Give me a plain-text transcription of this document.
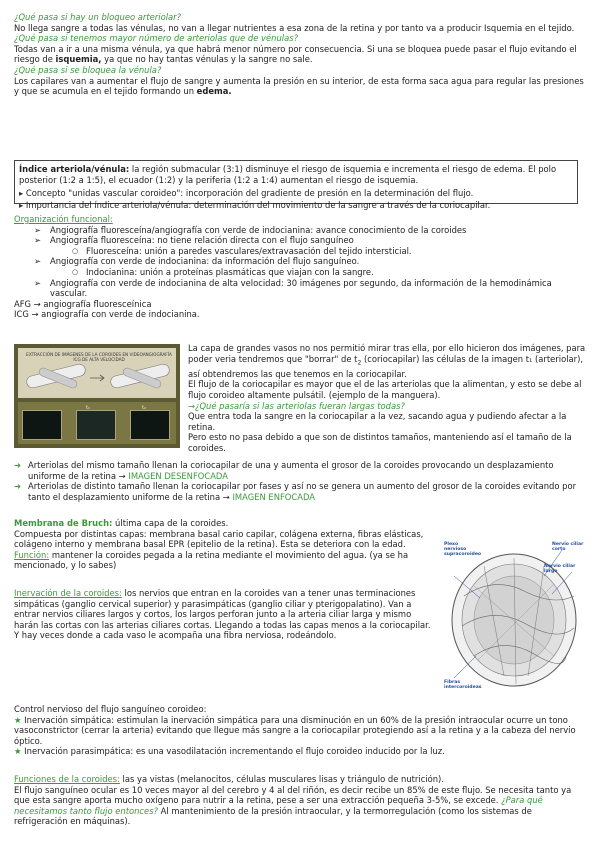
¿Qué pasa si hay un bloqueo arteriolar?

No llega sangre a todas las vénulas, no van a llegar nutrientes a esa zona de la retina y por tanto va a producir Isquemia en el tejido.

¿Qué pasa si tenemos mayor número de arteriolas que de vénulas?

Todas van a ir a una misma vénula, ya que habrá menor número por consecuencia. Si una se bloquea puede pasar el flujo evitando el riesgo de isquemia, ya que no hay tantas vénulas y la sangre no sale.

¿Qué pasa si se bloquea la vénula?

Los capilares van a aumentar el flujo de sangre y aumenta la presión en su interior, de esta forma saca agua para regular las presiones y que se acumula en el tejido formando un edema.

Índice arteriola/vénula: la región submacular (3:1) disminuye el riesgo de isquemia e incrementa el riesgo de edema. El polo posterior (1:2 a 1:5), el ecuador (1:2) y la periferia (1:2 a 1:4) aumentan el riesgo de isquemia.

▸ Concepto "unidas vascular coroideo": incorporación del gradiente de presión en la determinación del flujo.

▸ Importancia del índice arteriola/vénula: determinación del movimiento de la sangre a través de la coriocapilar.

Organización funcional:
➢ Angiografía fluoresceína/angiografía con verde de indocianina: avance conocimiento de la coroides
➢ Angiografía fluoresceína: no tiene relación directa con el flujo sanguíneo
○ Fluoresceína: unión a paredes vasculares/extravasación del tejido intersticial.
➢ Angiografía con verde de indocianina: da información del flujo sanguíneo.
○ Indocianina: unión a proteínas plasmáticas que viajan con la sangre.
➢ Angiografía con verde de indocianina de alta velocidad: 30 imágenes por segundo, da información de la hemodinámica vascular.

AFG → angiografía fluoresceínica

ICG → angiografía con verde de indocianina.

EXTRACCIÓN DE IMÁGENES DE LA COROIDES EN VIDEOANGIOGRAFÍA ICG DE ALTA VELOCIDAD
t₁	t₂

La capa de grandes vasos no nos permitió mirar tras ella, por ello hicieron dos imágenes, para poder veria tendremos que "borrar" de $t_2$ (coriocapilar) las células de la imagen t₁ (arteriolar), así obtendremos las que tenemos en la coriocapilar.

El flujo de la coriocapilar es mayor que el de las arteriolas que la alimentan, y esto se debe al flujo coroideo altamente pulsátil. (ejemplo de la manguera).

→¿Qué pasaría si las arteriolas fueran largas todas?

Que entra toda la sangre en la coriocapilar a la vez, sacando agua y pudiendo afectar a la retina.

Pero esto no pasa debido a que son de distintos tamaños, manteniendo así el tamaño de la coroides.

➜ Arteriolas del mismo tamaño llenan la coriocapilar de una y aumenta el grosor de la coroides provocando un desplazamiento uniforme de la retina → IMAGEN DESENFOCADA

➜ Arteriolas de distinto tamaño llenan la coriocapilar por fases y así no se genera un aumento del grosor de la coroides evitando por tanto el desplazamiento uniforme de la retina → IMAGEN ENFOCADA

Membrana de Bruch: última capa de la coroides.

Compuesta por distintas capas: membrana basal cario capilar, colágena externa, fibras elásticas, colágeno interno y membrana basal EPR (epitelio de la retina). Esta se deteriora con la edad. Función: mantener la coroides pegada a la retina mediante el movimiento del agua. (ya se ha mencionado, y lo sabes)

Inervación de la coroides: los nervios que entran en la coroides van a tener unas terminaciones simpáticas (ganglio cervical superior) y parasimpáticas (ganglio ciliar y pterigopalatino). Van a entrar nervios ciliares largos y cortos, los largos perforan junto a la arteria ciliar larga y mismo harán las cortas con las arterias ciliares cortas. Llegando a todas las capas menos a la coriocapilar. Y hay veces donde a cada vaso le acompaña una fibra nerviosa, rodeándolo.

Plexo nervioso supracoroideo
Nervio ciliar corto
Nervio ciliar largo
Fibras intercoroideas

Control nervioso del flujo sanguíneo coroideo:

★ Inervación simpática: estimulan la inervación simpática para una disminución en un 60% de la presión intraocular ocurre un tono vasoconstrictor (cerrar la arteria) evitando que llegue más sangre a la coriocapilar protegiendo así a la retina y a la cabeza del nervio óptico.

★ Inervación parasimpática: es una vasodilatación incrementando el flujo coroideo inducido por la luz.

Funciones de la coroides: las ya vistas (melanocitos, células musculares lisas y triángulo de nutrición).

El flujo sanguíneo ocular es 10 veces mayor al del cerebro y 4 al del riñón, es decir recibe un 85% de este flujo. Se necesita tanto ya que esta sangre aporta mucho oxígeno para nutrir a la retina, pese a ser una extracción pequeña 3-5%, se excede. ¿Para qué necesitamos tanto flujo entonces? Al mantenimiento de la presión intraocular, y la termorregulación (como los sistemas de refrigeración en máquinas).
